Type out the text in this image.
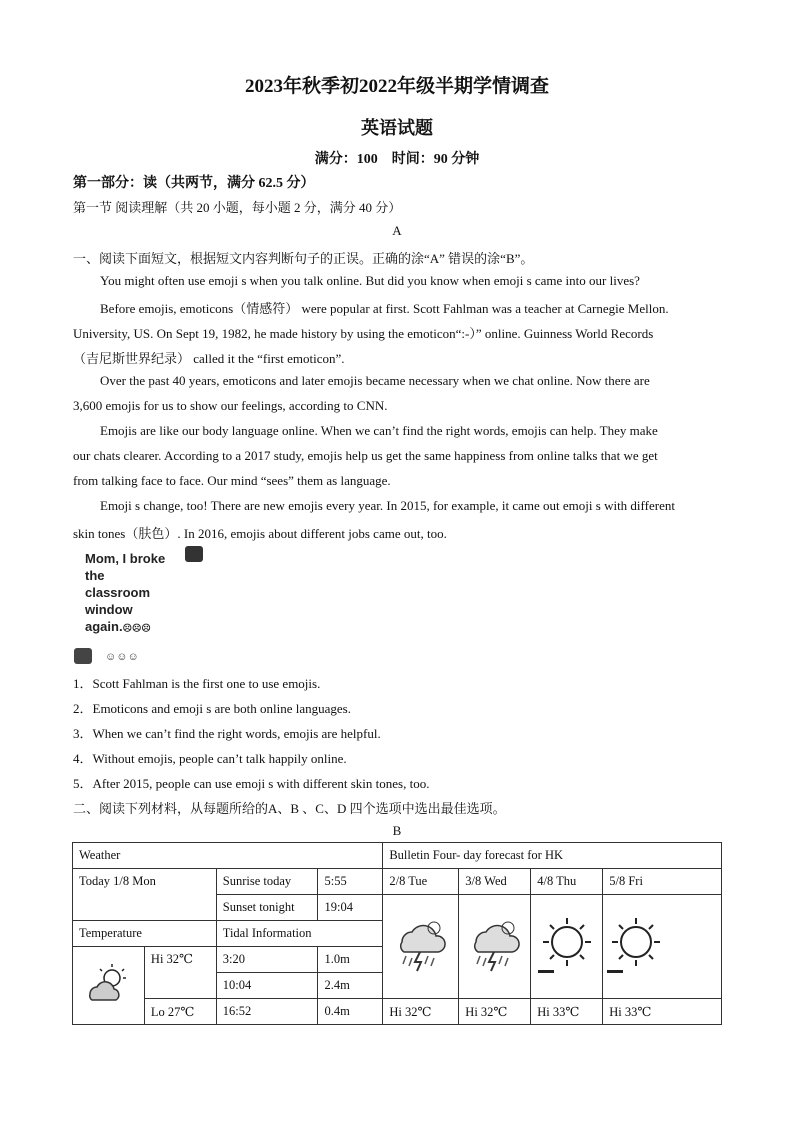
2023年秋季初2022年级半期学情调查
英语试题
满分：100　时间：90 分钟
第一部分：读（共两节，满分 62.5 分）
第一节 阅读理解（共 20 小题，每小题 2 分，满分 40 分）
A
一、阅读下面短文，根据短文内容判断句子的正误。正确的涂“A” 错误的涂“B”。
You might often use emoji s when you talk online. But did you know when emoji s came into our lives?
Before emojis, emoticons（情感符） were popular at first. Scott Fahlman was a teacher at Carnegie Mellon.
University, US. On Sept 19, 1982, he made history by using the emoticon“:-）” online. Guinness World Records
（吉尼斯世界纪录） called it the “first emoticon”.
Over the past 40 years, emoticons and later emojis became necessary when we chat online. Now there are
3,600 emojis for us to show our feelings, according to CNN.
Emojis are like our body language online. When we can’t find the right words, emojis can help. They make
our chats clearer. According to a 2017 study, emojis help us get the same happiness from online talks that we get
from talking face to face. Our mind “sees” them as language.
Emoji s change, too! There are new emojis every year. In 2015, for example, it came out emoji s with different
skin tones（肤色）. In 2016, emojis about different jobs came out, too.
Mom, I broke
the
classroom
window
again.☹☹☹
☺☺☺
1．Scott Fahlman is the first one to use emojis.
2．Emoticons and emoji s are both online languages.
3．When we can’t find the right words, emojis are helpful.
4．Without emojis, people can’t talk happily online.
5．After 2015, people can use emoji s with different skin tones, too.
二、阅读下列材料，从每题所给的A、B 、C、D 四个选项中选出最佳选项。
B
Weather				Bulletin Four- day forecast for HK			
Today 1/8 Mon		Sunrise today	5:55	2/8 Tue	3/8 Wed	4/8 Thu	5/8 Fri
		Sunset tonight	19:04				
Temperature		Tidal Information					
	Hi 32℃	3:20	1.0m				
		10:04	2.4m				
	Lo 27℃	16:52	0.4m	Hi 32℃	Hi 32℃	Hi 33℃	Hi 33℃
